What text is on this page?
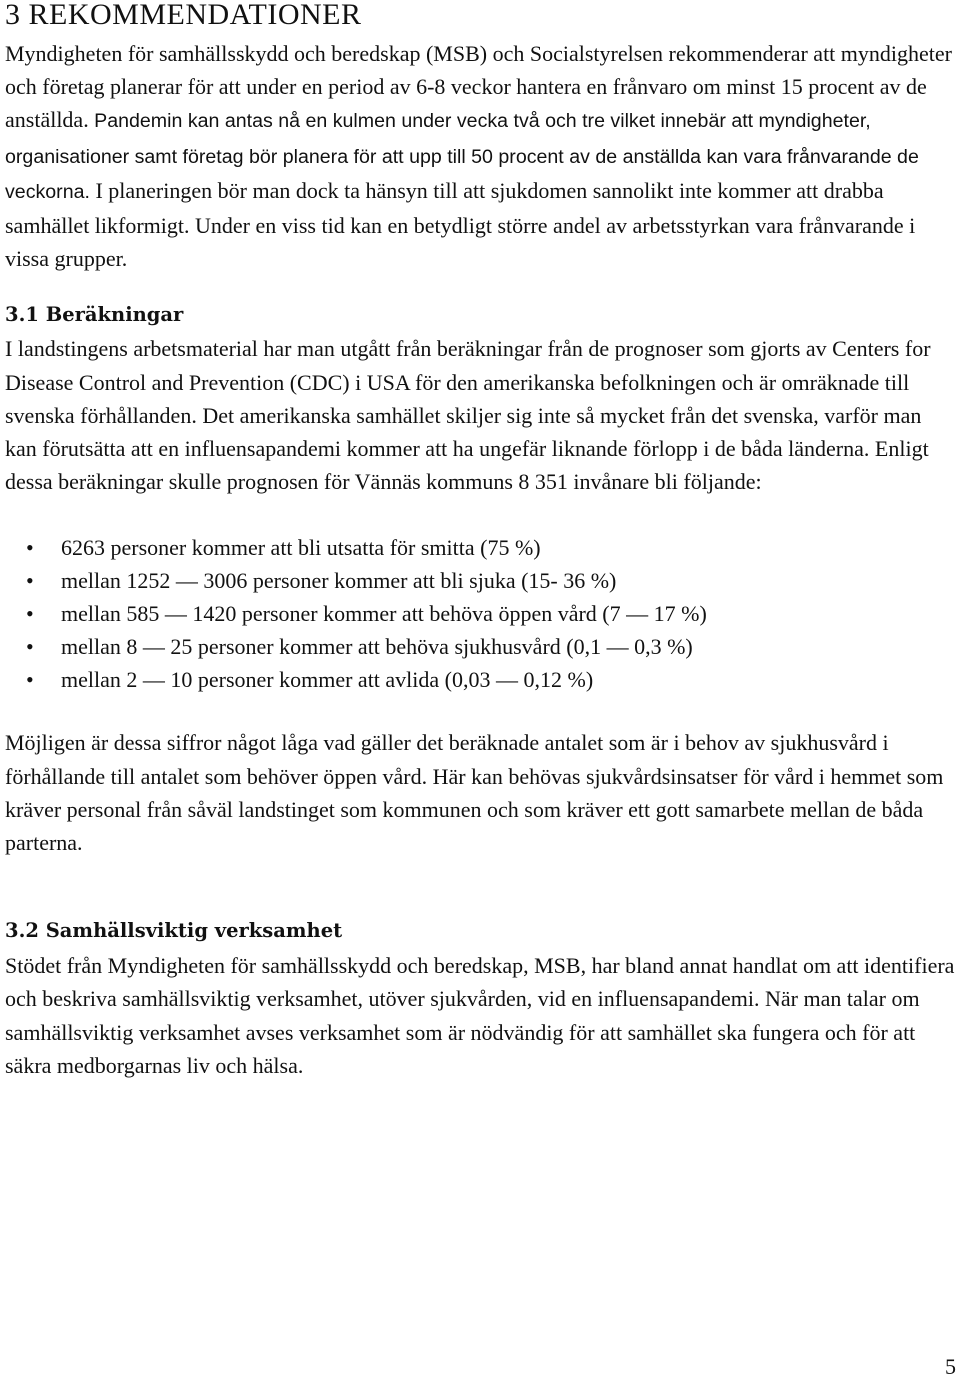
3 REKOMMENDATIONER

Myndigheten för samhällsskydd och beredskap (MSB) och Socialstyrelsen rekommenderar att myndigheter och företag planerar för att under en period av 6-8 veckor hantera en frånvaro om minst 15 procent av de anställda. Pandemin kan antas nå en kulmen under vecka två och tre vilket innebär att myndigheter, organisationer samt företag bör planera för att upp till 50 procent av de anställda kan vara frånvarande de veckorna. I planeringen bör man dock ta hänsyn till att sjukdomen sannolikt inte kommer att drabba samhället likformigt. Under en viss tid kan en betydligt större andel av arbetsstyrkan vara frånvarande i vissa grupper.

3.1 Beräkningar

I landstingens arbetsmaterial har man utgått från beräkningar från de prognoser som gjorts av Centers for Disease Control and Prevention (CDC) i USA för den amerikanska befolkningen och är omräknade till svenska förhållanden. Det amerikanska samhället skiljer sig inte så mycket från det svenska, varför man kan förutsätta att en influensapandemi kommer att ha ungefär liknande förlopp i de båda länderna. Enligt dessa beräkningar skulle prognosen för Vännäs kommuns 8 351 invånare bli följande:

• 6263 personer kommer att bli utsatta för smitta (75 %)
• mellan 1252 — 3006 personer kommer att bli sjuka (15- 36 %)
• mellan 585 — 1420 personer kommer att behöva öppen vård (7 — 17 %)
• mellan 8 — 25 personer kommer att behöva sjukhusvård (0,1 — 0,3 %)
• mellan 2 — 10 personer kommer att avlida (0,03 — 0,12 %)

Möjligen är dessa siffror något låga vad gäller det beräknade antalet som är i behov av sjukhusvård i förhållande till antalet som behöver öppen vård. Här kan behövas sjukvårdsinsatser för vård i hemmet som kräver personal från såväl landstinget som kommunen och som kräver ett gott samarbete mellan de båda parterna.

3.2 Samhällsviktig verksamhet

Stödet från Myndigheten för samhällsskydd och beredskap, MSB, har bland annat handlat om att identifiera och beskriva samhällsviktig verksamhet, utöver sjukvården, vid en influensapandemi. När man talar om samhällsviktig verksamhet avses verksamhet som är nödvändig för att samhället ska fungera och för att säkra medborgarnas liv och hälsa.

5
